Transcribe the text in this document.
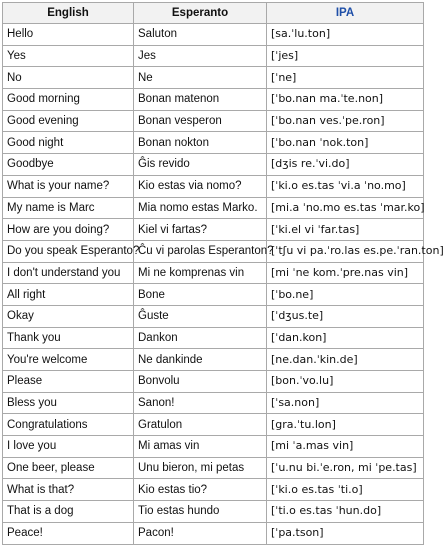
English	Esperanto	IPA
Hello	Saluton	[sa.ˈlu.ton]
Yes	Jes	[ˈjes]
No	Ne	[ˈne]
Good morning	Bonan matenon	[ˈbo.nan ma.ˈte.non]
Good evening	Bonan vesperon	[ˈbo.nan ves.ˈpe.ron]
Good night	Bonan nokton	[ˈbo.nan ˈnok.ton]
Goodbye	Ĝis revido	[dʒis re.ˈvi.do]
What is your name?	Kio estas via nomo?	[ˈki.o es.tas ˈvi.a ˈno.mo]
My name is Marc	Mia nomo estas Marko.	[mi.a ˈno.mo es.tas ˈmar.ko]
How are you doing?	Kiel vi fartas?	[ˈki.el vi ˈfar.tas]
Do you speak Esperanto?	Ĉu vi parolas Esperanton?	[ˈtʃu vi pa.ˈro.las es.pe.ˈran.ton]
I don't understand you	Mi ne komprenas vin	[mi ˈne kom.ˈpre.nas vin]
All right	Bone	[ˈbo.ne]
Okay	Ĝuste	[ˈdʒus.te]
Thank you	Dankon	[ˈdan.kon]
You're welcome	Ne dankinde	[ne.dan.ˈkin.de]
Please	Bonvolu	[bon.ˈvo.lu]
Bless you	Sanon!	[ˈsa.non]
Congratulations	Gratulon	[gra.ˈtu.lon]
I love you	Mi amas vin	[mi ˈa.mas vin]
One beer, please	Unu bieron, mi petas	[ˈu.nu bi.ˈe.ron, mi ˈpe.tas]
What is that?	Kio estas tio?	[ˈki.o es.tas ˈti.o]
That is a dog	Tio estas hundo	[ˈti.o es.tas ˈhun.do]
Peace!	Pacon!	[ˈpa.tson]
